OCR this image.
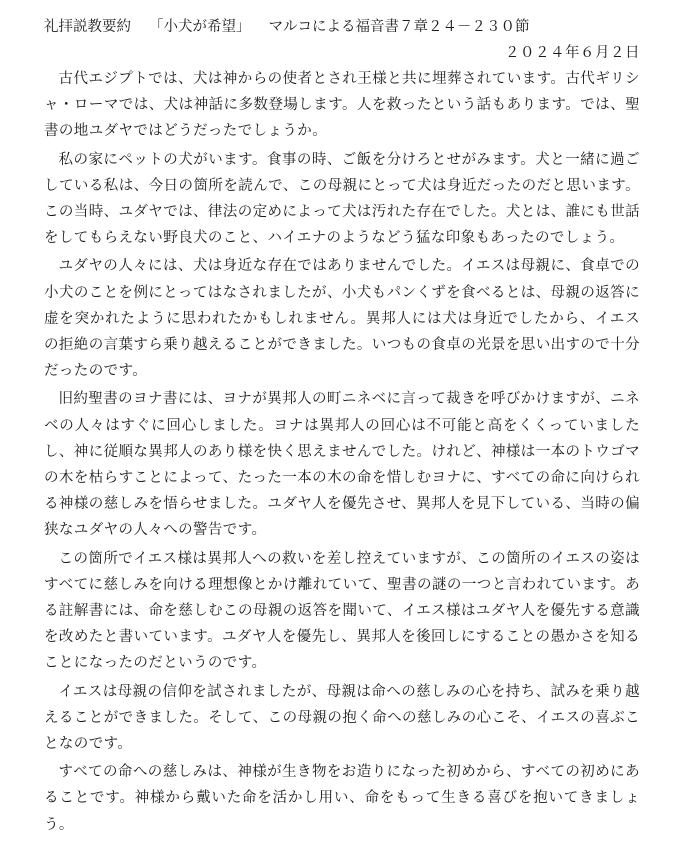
礼拝説教要約 「小犬が希望」 マルコによる福音書７章２４－２３０節
２０２４年６月２日

古代エジプトでは、犬は神からの使者とされ王様と共に埋葬されています。古代ギリシャ・ローマでは、犬は神話に多数登場します。人を救ったという話もあります。では、聖書の地ユダヤではどうだったでしょうか。

私の家にペットの犬がいます。食事の時、ご飯を分けろとせがみます。犬と一緒に過ごしている私は、今日の箇所を読んで、この母親にとって犬は身近だったのだと思います。この当時、ユダヤでは、律法の定めによって犬は汚れた存在でした。犬とは、誰にも世話をしてもらえない野良犬のこと、ハイエナのようなどう猛な印象もあったのでしょう。

ユダヤの人々には、犬は身近な存在ではありませんでした。イエスは母親に、食卓での小犬のことを例にとってはなされましたが、小犬もパンくずを食べるとは、母親の返答に虚を突かれたように思われたかもしれません。異邦人には犬は身近でしたから、イエスの拒絶の言葉すら乗り越えることができました。いつもの食卓の光景を思い出すので十分だったのです。

旧約聖書のヨナ書には、ヨナが異邦人の町ニネベに言って裁きを呼びかけますが、ニネベの人々はすぐに回心しました。ヨナは異邦人の回心は不可能と高をくくっていましたし、神に従順な異邦人のあり様を快く思えませんでした。けれど、神様は一本のトウゴマの木を枯らすことによって、たった一本の木の命を惜しむヨナに、すべての命に向けられる神様の慈しみを悟らせました。ユダヤ人を優先させ、異邦人を見下している、当時の偏狭なユダヤの人々への警告です。

この箇所でイエス様は異邦人への救いを差し控えていますが、この箇所のイエスの姿はすべてに慈しみを向ける理想像とかけ離れていて、聖書の謎の一つと言われています。ある註解書には、命を慈しむこの母親の返答を聞いて、イエス様はユダヤ人を優先する意識を改めたと書いています。ユダヤ人を優先し、異邦人を後回しにすることの愚かさを知ることになったのだというのです。

イエスは母親の信仰を試されましたが、母親は命への慈しみの心を持ち、試みを乗り越えることができました。そして、この母親の抱く命への慈しみの心こそ、イエスの喜ぶことなのです。

すべての命への慈しみは、神様が生き物をお造りになった初めから、すべての初めにあることです。神様から戴いた命を活かし用い、命をもって生きる喜びを抱いてきましょう。
